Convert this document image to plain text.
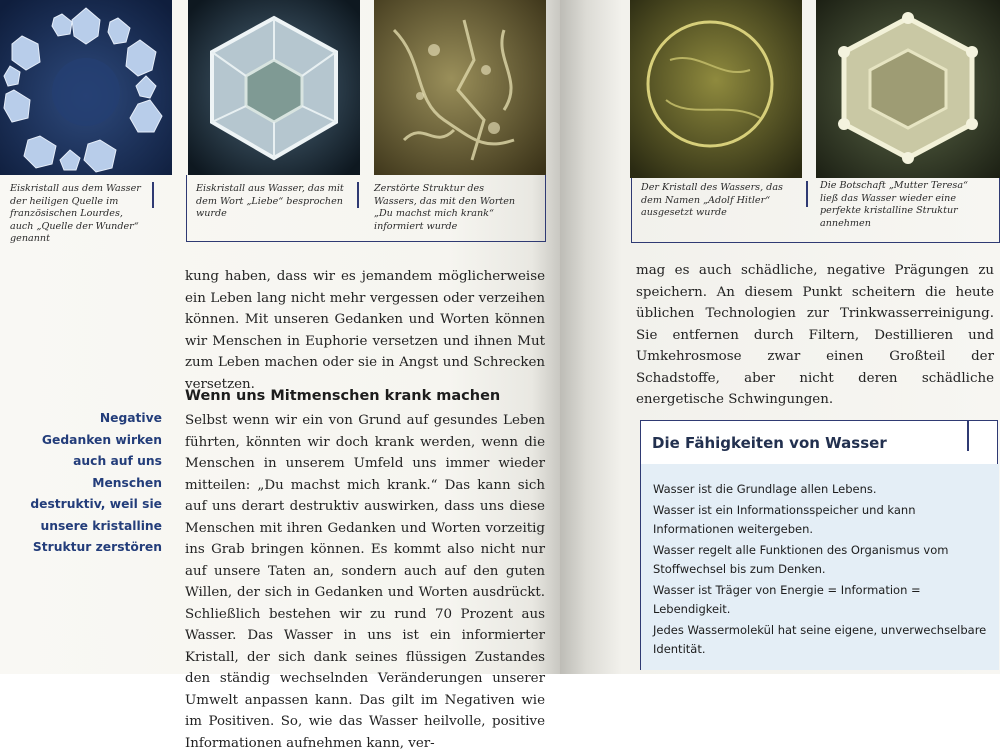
Eiskristall aus dem Wasser der heiligen Quelle im französischen Lourdes, auch „Quelle der Wunder“ genannt
Eiskristall aus Wasser, das mit dem Wort „Liebe“ besprochen wurde
Zerstörte Struktur des Wassers, das mit den Worten „Du machst mich krank“ informiert wurde
Der Kristall des Wassers, das dem Namen „Adolf Hitler“ ausgesetzt wurde
Die Botschaft „Mutter Teresa“ ließ das Wasser wieder eine perfekte kristalline Struktur annehmen
kung haben, dass wir es jemandem möglicherweise ein Leben lang nicht mehr vergessen oder verzeihen können. Mit unseren Gedanken und Worten können wir Menschen in Euphorie versetzen und ihnen Mut zum Leben machen oder sie in Angst und Schrecken versetzen.
Wenn uns Mitmenschen krank machen
Selbst wenn wir ein von Grund auf gesundes Leben führten, könnten wir doch krank werden, wenn die Menschen in unserem Umfeld uns immer wieder mitteilen: „Du machst mich krank.“ Das kann sich auf uns derart destruktiv auswirken, dass uns diese Menschen mit ihren Gedanken und Worten vorzeitig ins Grab bringen können. Es kommt also nicht nur auf unsere Taten an, sondern auch auf den guten Willen, der sich in Gedanken und Worten ausdrückt. Schließlich bestehen wir zu rund 70 Prozent aus Wasser. Das Wasser in uns ist ein informierter Kristall, der sich dank seines flüssigen Zustandes den ständig wechselnden Veränderungen unserer Umwelt anpassen kann. Das gilt im Negativen wie im Positiven. So, wie das Wasser heilvolle, positive Informationen aufnehmen kann, ver-
Negative Gedanken wirken auch auf uns Menschen destruktiv, weil sie unsere kristalline Struktur zerstören
mag es auch schädliche, negative Prägungen zu speichern. An diesem Punkt scheitern die heute üblichen Technologien zur Trinkwasserreinigung. Sie entfernen durch Filtern, Destillieren und Umkehrosmose zwar einen Großteil der Schadstoffe, aber nicht deren schädliche energetische Schwingungen.
Die Fähigkeiten von Wasser
Wasser ist die Grundlage allen Lebens.
Wasser ist ein Informationsspeicher und kann Informationen weitergeben.
Wasser regelt alle Funktionen des Organismus vom Stoffwechsel bis zum Denken.
Wasser ist Träger von Energie = Information = Lebendigkeit.
Jedes Wassermolekül hat seine eigene, unverwechselbare Identität.
